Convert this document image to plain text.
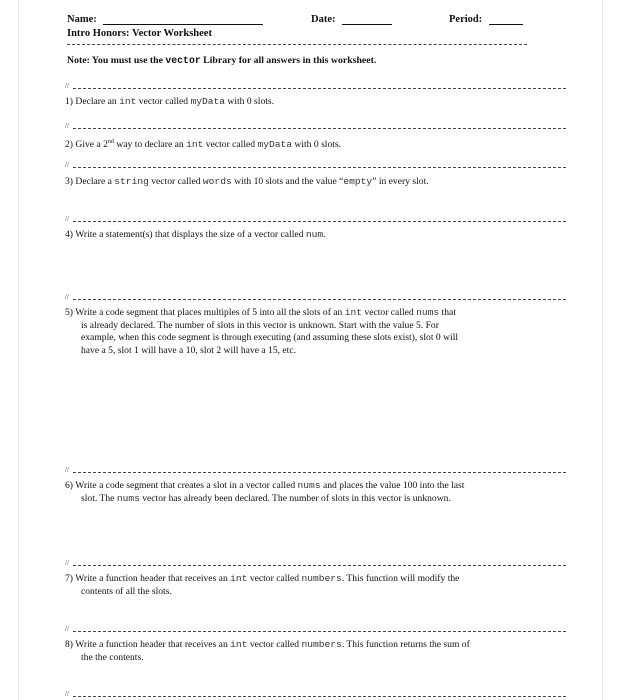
Name:	Date:	Period:
Intro Honors: Vector Worksheet
Note: You must use the vector Library for all answers in this worksheet.
//
1) Declare an int vector called myData with 0 slots.
//
2) Give a 2nd way to declare an int vector called myData with 0 slots.
//
3) Declare a string vector called words with 10 slots and the value “empty” in every slot.
//
4) Write a statement(s) that displays the size of a vector called num.
//
5) Write a code segment that places multiples of 5 into all the slots of an int vector called nums that
is already declared. The number of slots in this vector is unknown. Start with the value 5. For
example, when this code segment is through executing (and assuming these slots exist), slot 0 will
have a 5, slot 1 will have a 10, slot 2 will have a 15, etc.
//
6) Write a code segment that creates a slot in a vector called nums and places the value 100 into the last
slot. The nums vector has already been declared. The number of slots in this vector is unknown.
//
7) Write a function header that receives an int vector called numbers. This function will modify the
contents of all the slots.
//
8) Write a function header that receives an int vector called numbers. This function returns the sum of
the the contents.
//
